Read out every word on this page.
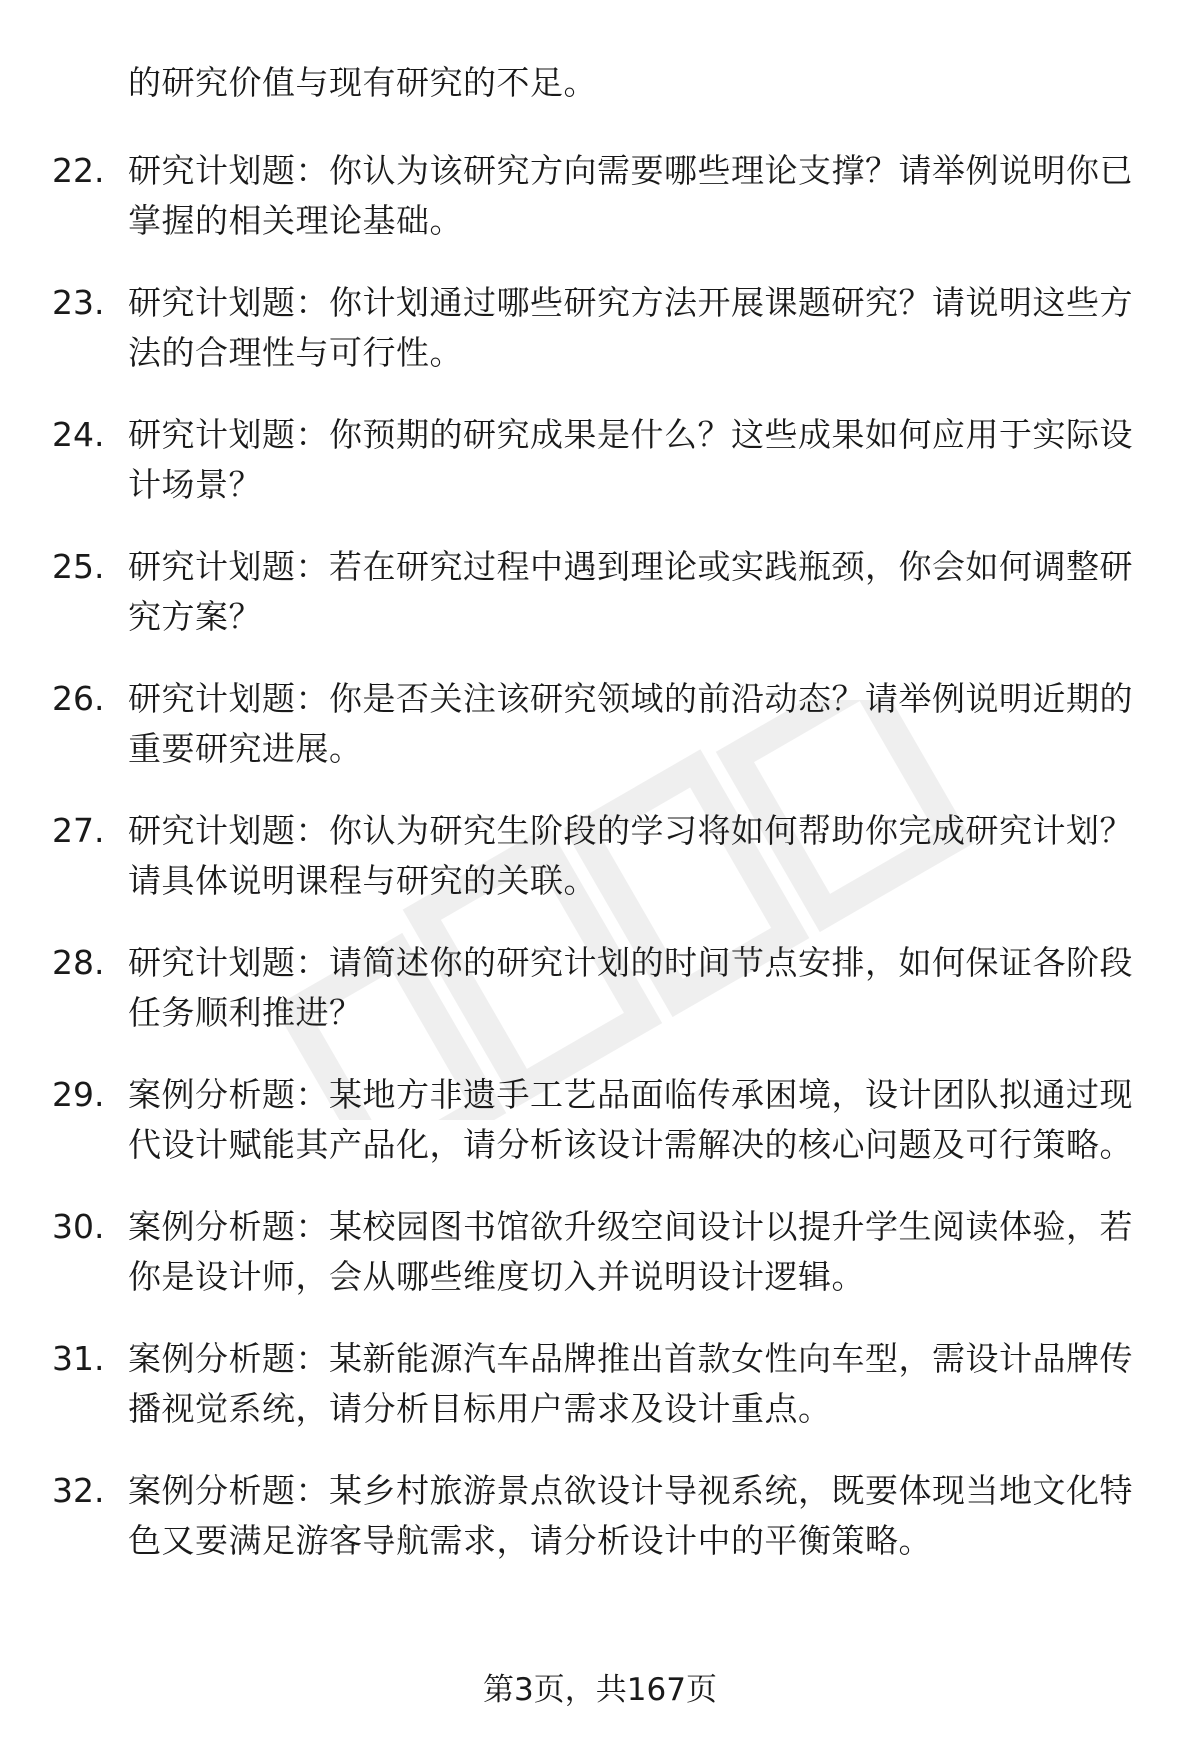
的研究价值与现有研究的不足。
22. 研究计划题：你认为该研究方向需要哪些理论支撑？请举例说明你已掌握的相关理论基础。
23. 研究计划题：你计划通过哪些研究方法开展课题研究？请说明这些方法的合理性与可行性。
24. 研究计划题：你预期的研究成果是什么？这些成果如何应用于实际设计场景？
25. 研究计划题：若在研究过程中遇到理论或实践瓶颈，你会如何调整研究方案？
26. 研究计划题：你是否关注该研究领域的前沿动态？请举例说明近期的重要研究进展。
27. 研究计划题：你认为研究生阶段的学习将如何帮助你完成研究计划？请具体说明课程与研究的关联。
28. 研究计划题：请简述你的研究计划的时间节点安排，如何保证各阶段任务顺利推进？
29. 案例分析题：某地方非遗手工艺品面临传承困境，设计团队拟通过现代设计赋能其产品化，请分析该设计需解决的核心问题及可行策略。
30. 案例分析题：某校园图书馆欲升级空间设计以提升学生阅读体验，若你是设计师，会从哪些维度切入并说明设计逻辑。
31. 案例分析题：某新能源汽车品牌推出首款女性向车型，需设计品牌传播视觉系统，请分析目标用户需求及设计重点。
32. 案例分析题：某乡村旅游景点欲设计导视系统，既要体现当地文化特色又要满足游客导航需求，请分析设计中的平衡策略。
第3页，共167页
